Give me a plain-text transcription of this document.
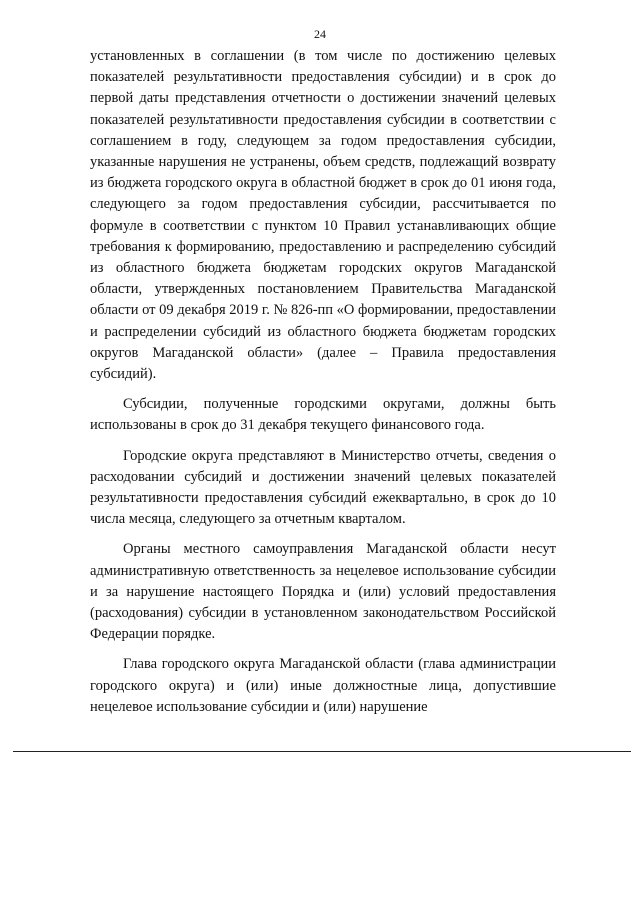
24

установленных в соглашении (в том числе по достижению целевых показателей результативности предоставления субсидии) и в срок до первой даты представления отчетности о достижении значений целевых показателей результативности предоставления субсидии в соответствии с соглашением в году, следующем за годом предоставления субсидии, указанные нарушения не устранены, объем средств, подлежащий возврату из бюджета городского округа в областной бюджет в срок до 01 июня года, следующего за годом предоставления субсидии, рассчитывается по формуле в соответствии с пунктом 10 Правил устанавливающих общие требования к формированию, предоставлению и распределению субсидий из областного бюджета бюджетам городских округов Магаданской области, утвержденных постановлением Правительства Магаданской области от 09 декабря 2019 г. № 826-пп «О формировании, предоставлении и распределении субсидий из областного бюджета бюджетам городских округов Магаданской области» (далее – Правила предоставления субсидий).

Субсидии, полученные городскими округами, должны быть использованы в срок до 31 декабря текущего финансового года.

Городские округа представляют в Министерство отчеты, сведения о расходовании субсидий и достижении значений целевых показателей результативности предоставления субсидий ежеквартально, в срок до 10 числа месяца, следующего за отчетным кварталом.

Органы местного самоуправления Магаданской области несут административную ответственность за нецелевое использование субсидии и за нарушение настоящего Порядка и (или) условий предоставления (расходования) субсидии в установленном законодательством Российской Федерации порядке.

Глава городского округа Магаданской области (глава администрации городского округа) и (или) иные должностные лица, допустившие нецелевое использование субсидии и (или) нарушение
